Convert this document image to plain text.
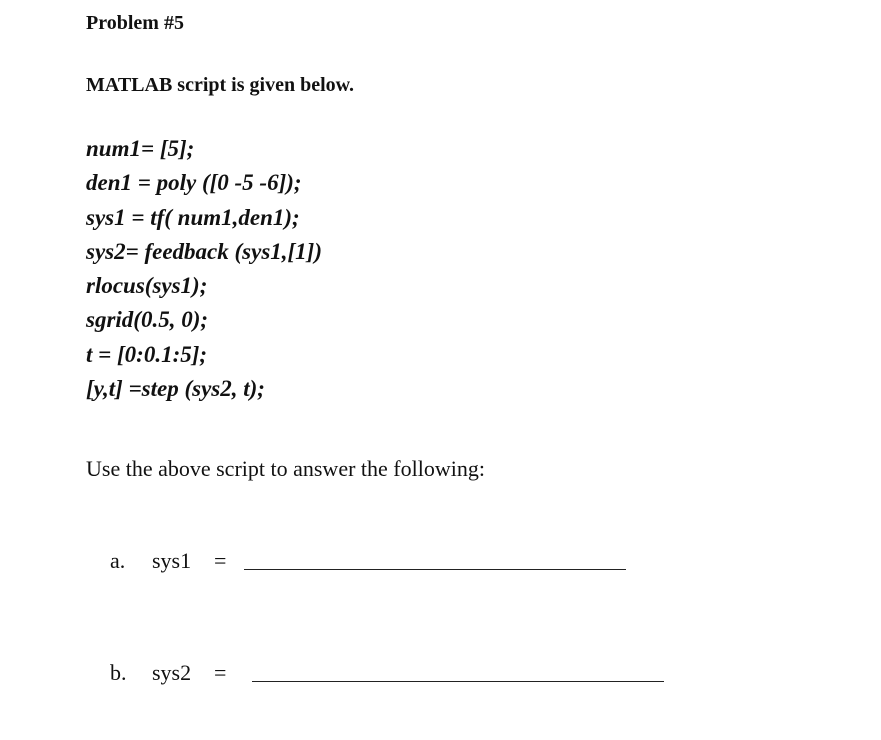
Problem #5
MATLAB script is given below.
num1= [5];
den1 = poly ([0 -5 -6]);
sys1 = tf( num1,den1);
sys2= feedback (sys1,[1])
rlocus(sys1);
sgrid(0.5, 0);
t = [0:0.1:5];
[y,t] =step (sys2, t);
Use the above script to answer the following:
a.	sys1	=
b.	sys2	=
